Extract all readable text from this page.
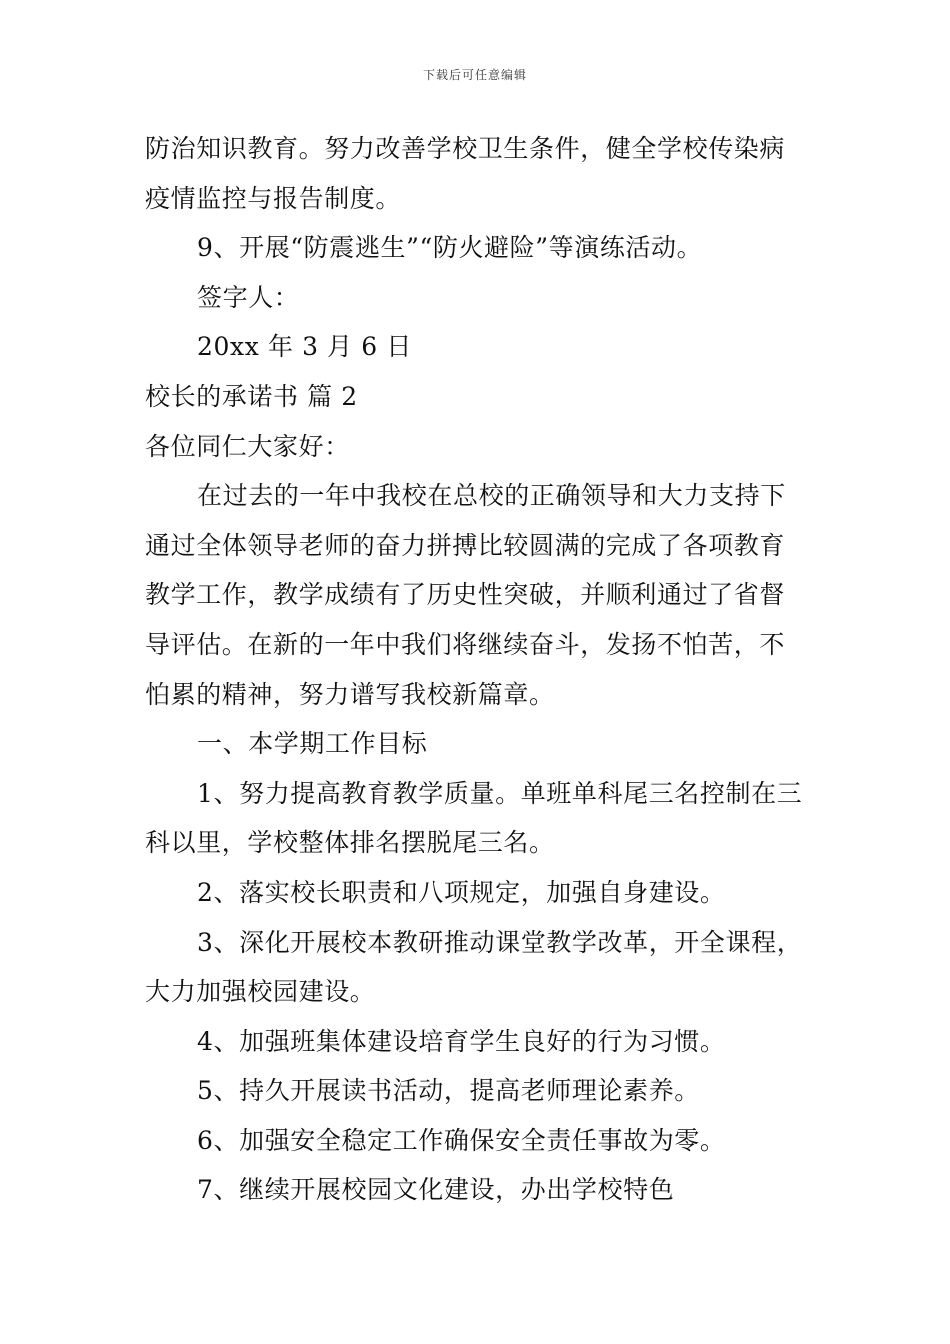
下载后可任意编辑
防治知识教育。努力改善学校卫生条件，健全学校传染病
疫情监控与报告制度。
9、开展“防震逃生”“防火避险”等演练活动。
签字人：
20xx 年 3 月 6 日
校长的承诺书 篇 2
各位同仁大家好：
在过去的一年中我校在总校的正确领导和大力支持下
通过全体领导老师的奋力拼搏比较圆满的完成了各项教育
教学工作，教学成绩有了历史性突破，并顺利通过了省督
导评估。在新的一年中我们将继续奋斗，发扬不怕苦，不
怕累的精神，努力谱写我校新篇章。
一、本学期工作目标
1、努力提高教育教学质量。单班单科尾三名控制在三
科以里，学校整体排名摆脱尾三名。
2、落实校长职责和八项规定，加强自身建设。
3、深化开展校本教研推动课堂教学改革，开全课程，
大力加强校园建设。
4、加强班集体建设培育学生良好的行为习惯。
5、持久开展读书活动，提高老师理论素养。
6、加强安全稳定工作确保安全责任事故为零。
7、继续开展校园文化建设，办出学校特色
